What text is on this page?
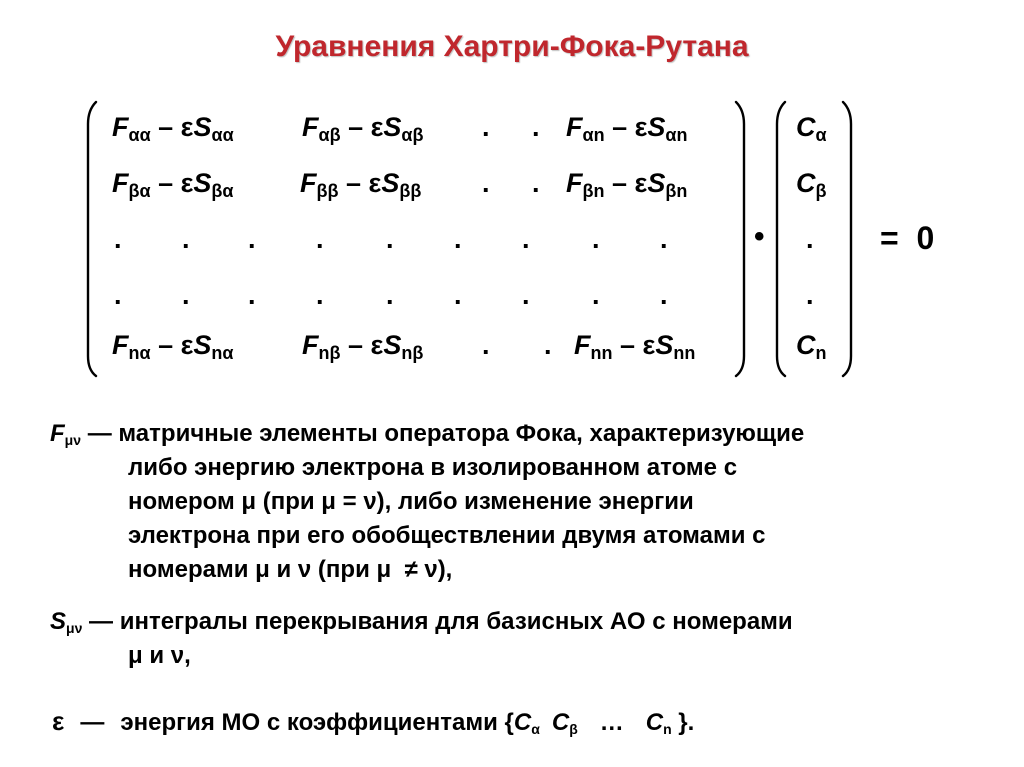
Уравнения Хартри-Фока-Рутана
$F_{\alpha\alpha} - \varepsilon S_{\alpha\alpha}$	$F_{\alpha\beta} - \varepsilon S_{\alpha\beta}$ . . $F_{\alpha n} - \varepsilon S_{\alpha n}$
$F_{\beta\alpha} - \varepsilon S_{\beta\alpha}$ $F_{\beta\beta} - \varepsilon S_{\beta\beta}$ . . $F_{\beta n} - \varepsilon S_{\beta n}$
. . . . . . . . .
. . . . . . . . .
$F_{n\alpha} - \varepsilon S_{n\alpha}$	$F_{n\beta} - \varepsilon S_{n\beta}$ . . $F_{nn} - \varepsilon S_{nn}$
•
$C_\alpha$
$C_\beta$
.
.
$C_n$
=  0
$F_{\mu\nu}$ — матричные элементы оператора Фока, характеризующие
либо энергию электрона в изолированном атоме с
номером μ (при μ = ν), либо изменение энергии
электрона при его обобществлении двумя атомами с
номерами μ и ν (при μ  ≠ ν),
$S_{\mu\nu}$ — интегралы перекрывания для базисных АО с номерами
μ и ν,
ε — энергия МО с коэффициентами {$C_\alpha$ $C_\beta$ … $C_n$ }.
